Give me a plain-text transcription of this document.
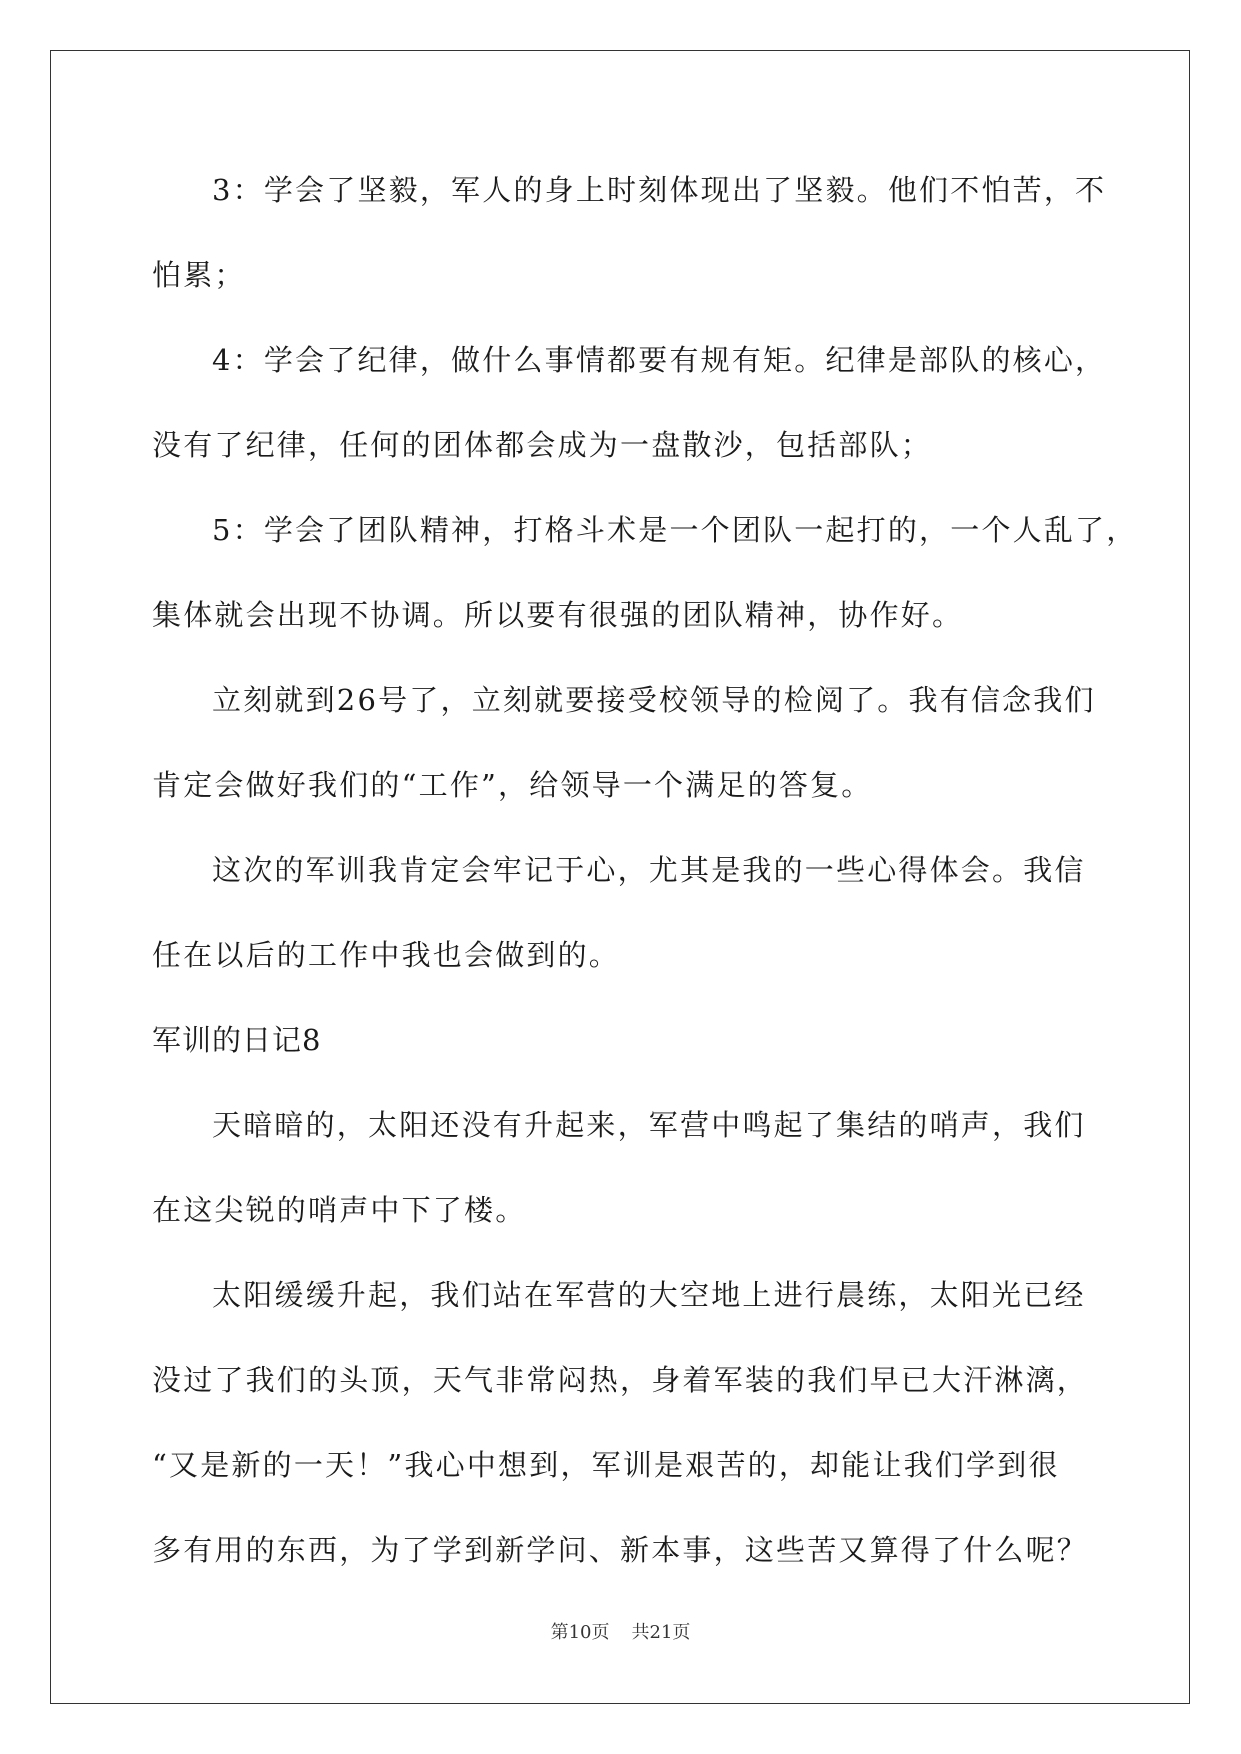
3：学会了坚毅，军人的身上时刻体现出了坚毅。他们不怕苦，不
怕累；
4：学会了纪律，做什么事情都要有规有矩。纪律是部队的核心，
没有了纪律，任何的团体都会成为一盘散沙，包括部队；
5：学会了团队精神，打格斗术是一个团队一起打的，一个人乱了，
集体就会出现不协调。所以要有很强的团队精神，协作好。
立刻就到26号了，立刻就要接受校领导的检阅了。我有信念我们
肯定会做好我们的“工作”，给领导一个满足的答复。
这次的军训我肯定会牢记于心，尤其是我的一些心得体会。我信
任在以后的工作中我也会做到的。
军训的日记8
天暗暗的，太阳还没有升起来，军营中鸣起了集结的哨声，我们
在这尖锐的哨声中下了楼。
太阳缓缓升起，我们站在军营的大空地上进行晨练，太阳光已经
没过了我们的头顶，天气非常闷热，身着军装的我们早已大汗淋漓，
“又是新的一天！”我心中想到，军训是艰苦的，却能让我们学到很
多有用的东西，为了学到新学问、新本事，这些苦又算得了什么呢？
第10页 共21页
